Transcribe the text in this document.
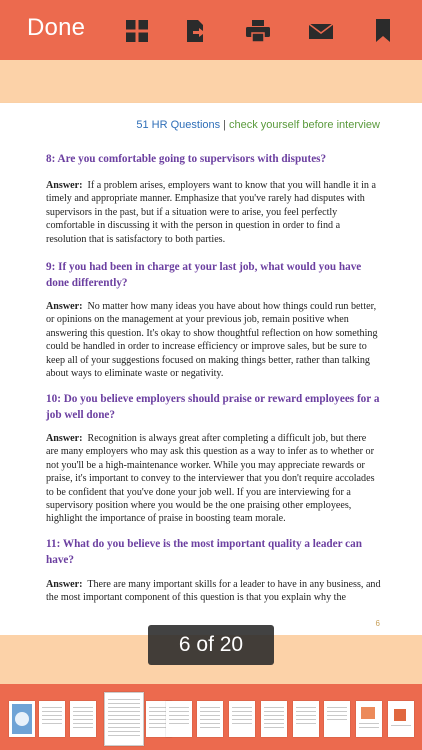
Done
51 HR Questions | check yourself before interview
8: Are you comfortable going to supervisors with disputes?
Answer: If a problem arises, employers want to know that you will handle it in a timely and appropriate manner. Emphasize that you've rarely had disputes with supervisors in the past, but if a situation were to arise, you feel perfectly comfortable in discussing it with the person in question in order to find a resolution that is satisfactory to both parties.
9: If you had been in charge at your last job, what would you have done differently?
Answer: No matter how many ideas you have about how things could run better, or opinions on the management at your previous job, remain positive when answering this question. It's okay to show thoughtful reflection on how something could be handled in order to increase efficiency or improve sales, but be sure to keep all of your suggestions focused on making things better, rather than talking about ways to eliminate waste or negativity.
10: Do you believe employers should praise or reward employees for a job well done?
Answer: Recognition is always great after completing a difficult job, but there are many employers who may ask this question as a way to infer as to whether or not you'll be a high-maintenance worker. While you may appreciate rewards or praise, it's important to convey to the interviewer that you don't require accolades to be confident that you've done your job well. If you are interviewing for a supervisory position where you would be the one praising other employees, highlight the importance of praise in boosting team morale.
11: What do you believe is the most important quality a leader can have?
Answer: There are many important skills for a leader to have in any business, and the most important component of this question is that you explain why the
6
6 of 20
